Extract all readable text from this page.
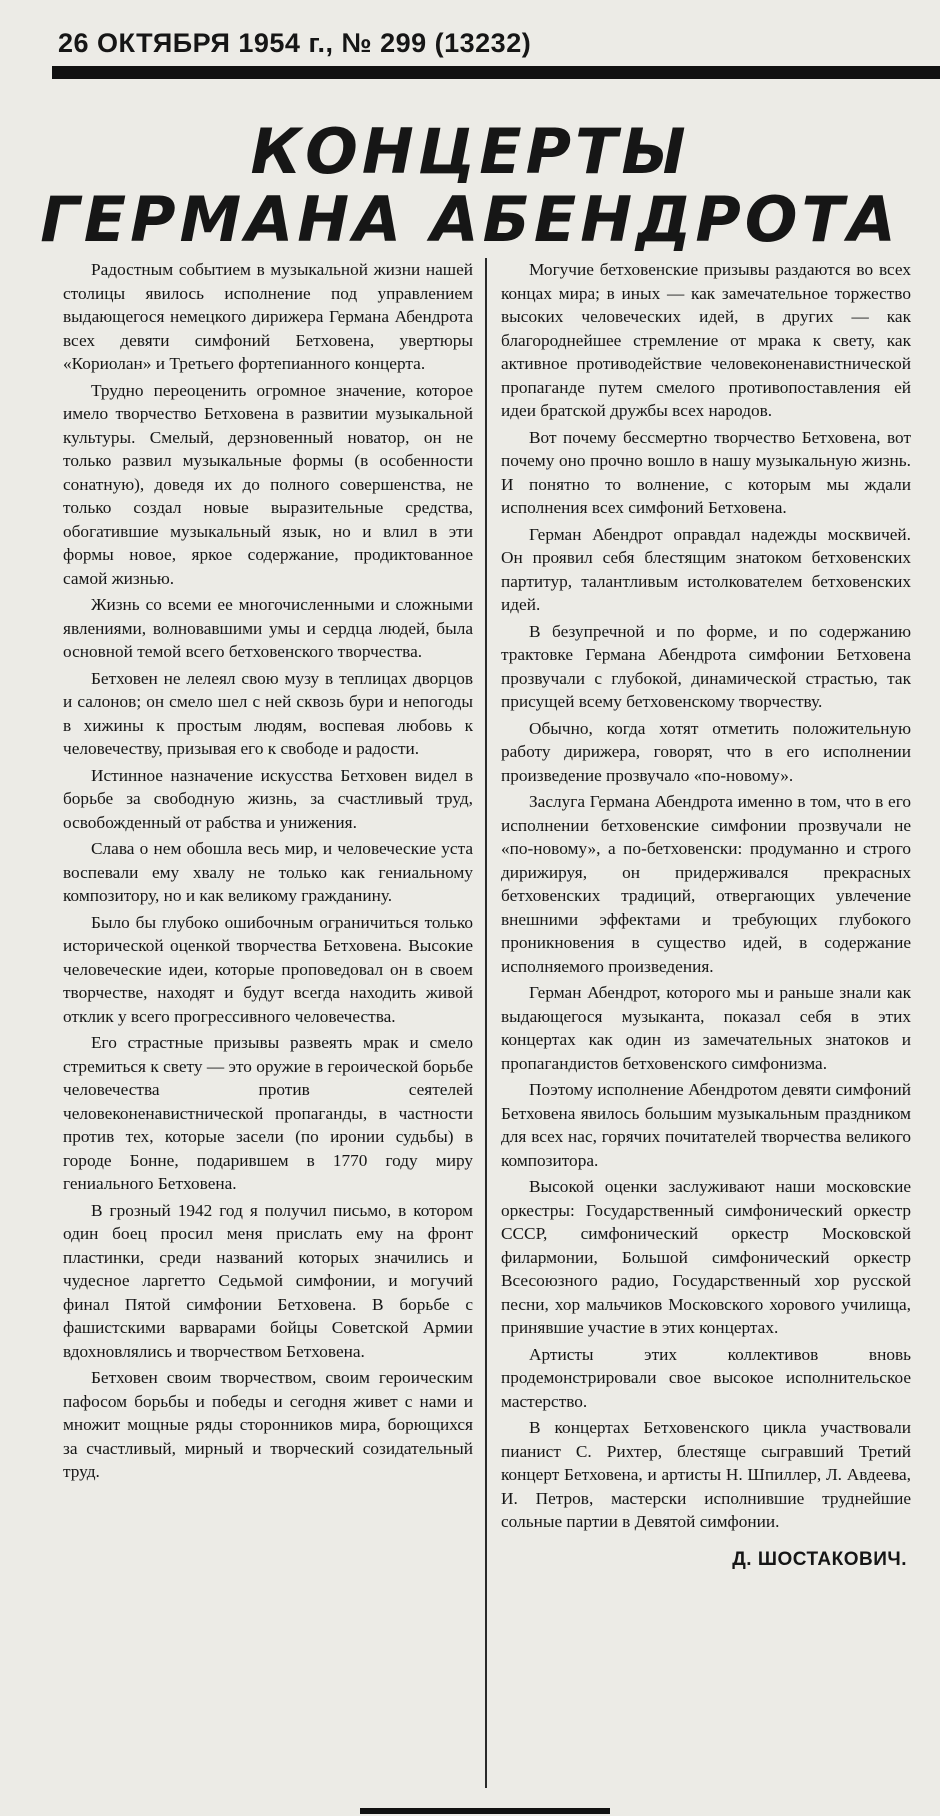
26 ОКТЯБРЯ 1954 г., № 299 (13232)
КОНЦЕРТЫ
ГЕРМАНА АБЕНДРОТА

Радостным событием в музыкальной жизни нашей столицы явилось исполнение под управлением выдающегося немецкого дирижера Германа Абендрота всех девяти симфоний Бетховена, увертюры «Кориолан» и Третьего фортепианного концерта.

Трудно переоценить огромное значение, которое имело творчество Бетховена в развитии музыкальной культуры. Смелый, дерзновенный новатор, он не только развил музыкальные формы (в особенности сонатную), доведя их до полного совершенства, не только создал новые выразительные средства, обогатившие музыкальный язык, но и влил в эти формы новое, яркое содержание, продиктованное самой жизнью.

Жизнь со всеми ее многочисленными и сложными явлениями, волновавшими умы и сердца людей, была основной темой всего бетховенского творчества.

Бетховен не лелеял свою музу в теплицах дворцов и салонов; он смело шел с ней сквозь бури и непогоды в хижины к простым людям, воспевая любовь к человечеству, призывая его к свободе и радости.

Истинное назначение искусства Бетховен видел в борьбе за свободную жизнь, за счастливый труд, освобожденный от рабства и унижения.

Слава о нем обошла весь мир, и человеческие уста воспевали ему хвалу не только как гениальному композитору, но и как великому гражданину.

Было бы глубоко ошибочным ограничиться только исторической оценкой творчества Бетховена. Высокие человеческие идеи, которые проповедовал он в своем творчестве, находят и будут всегда находить живой отклик у всего прогрессивного человечества.

Его страстные призывы развеять мрак и смело стремиться к свету — это оружие в героической борьбе человечества против сеятелей человеконенавистнической пропаганды, в частности против тех, которые засели (по иронии судьбы) в городе Бонне, подарившем в 1770 году миру гениального Бетховена.

В грозный 1942 год я получил письмо, в котором один боец просил меня прислать ему на фронт пластинки, среди названий которых значились и чудесное ларгетто Седьмой симфонии, и могучий финал Пятой симфонии Бетховена. В борьбе с фашистскими варварами бойцы Советской Армии вдохновлялись и творчеством Бетховена.

Бетховен своим творчеством, своим героическим пафосом борьбы и победы и сегодня живет с нами и множит мощные ряды сторонников мира, борющихся за счастливый, мирный и творческий созидательный труд.

Могучие бетховенские призывы раздаются во всех концах мира; в иных — как замечательное торжество высоких человеческих идей, в других — как благороднейшее стремление от мрака к свету, как активное противодействие человеконенавистнической пропаганде путем смелого противопоставления ей идеи братской дружбы всех народов.

Вот почему бессмертно творчество Бетховена, вот почему оно прочно вошло в нашу музыкальную жизнь. И понятно то волнение, с которым мы ждали исполнения всех симфоний Бетховена.

Герман Абендрот оправдал надежды москвичей. Он проявил себя блестящим знатоком бетховенских партитур, талантливым истолкователем бетховенских идей.

В безупречной и по форме, и по содержанию трактовке Германа Абендрота симфонии Бетховена прозвучали с глубокой, динамической страстью, так присущей всему бетховенскому творчеству.

Обычно, когда хотят отметить положительную работу дирижера, говорят, что в его исполнении произведение прозвучало «по-новому».

Заслуга Германа Абендрота именно в том, что в его исполнении бетховенские симфонии прозвучали не «по-новому», а по-бетховенски: продуманно и строго дирижируя, он придерживался прекрасных бетховенских традиций, отвергающих увлечение внешними эффектами и требующих глубокого проникновения в существо идей, в содержание исполняемого произведения.

Герман Абендрот, которого мы и раньше знали как выдающегося музыканта, показал себя в этих концертах как один из замечательных знатоков и пропагандистов бетховенского симфонизма.

Поэтому исполнение Абендротом девяти симфоний Бетховена явилось большим музыкальным праздником для всех нас, горячих почитателей творчества великого композитора.

Высокой оценки заслуживают наши московские оркестры: Государственный симфонический оркестр СССР, симфонический оркестр Московской филармонии, Большой симфонический оркестр Всесоюзного радио, Государственный хор русской песни, хор мальчиков Московского хорового училища, принявшие участие в этих концертах.

Артисты этих коллективов вновь продемонстрировали свое высокое исполнительское мастерство.

В концертах Бетховенского цикла участвовали пианист С. Рихтер, блестяще сыгравший Третий концерт Бетховена, и артисты Н. Шпиллер, Л. Авдеева, И. Петров, мастерски исполнившие труднейшие сольные партии в Девятой симфонии.

Д. ШОСТАКОВИЧ.
